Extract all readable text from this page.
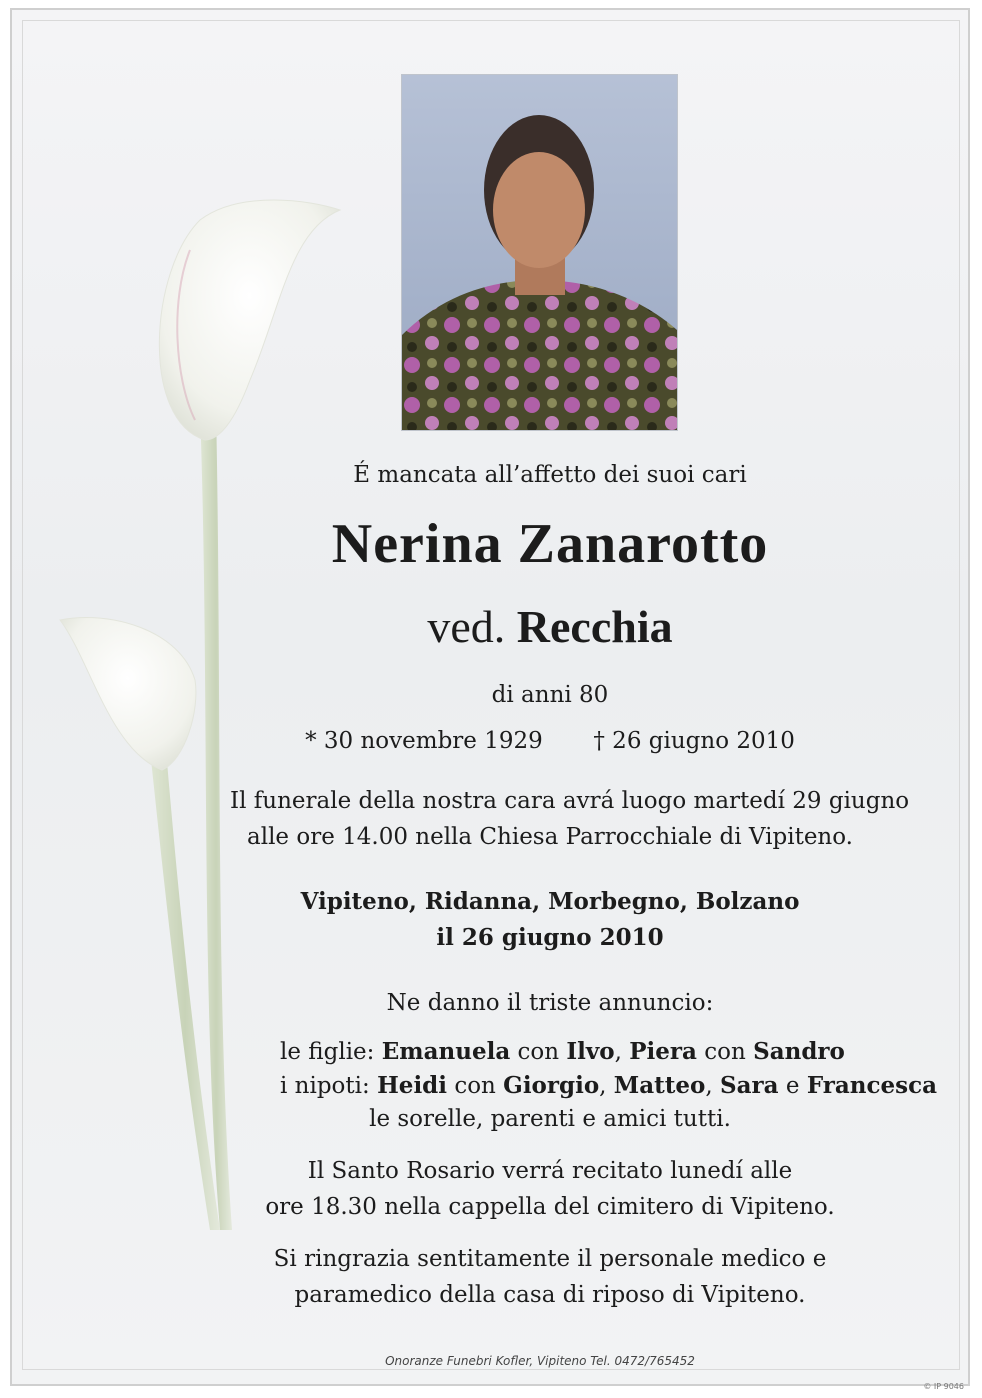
É mancata all’affetto dei suoi cari
Nerina Zanarotto
ved. Recchia
di anni 80
* 30 novembre 1929 † 26 giugno 2010
Il funerale della nostra cara avrá luogo martedí 29 giugno
alle ore 14.00 nella Chiesa Parrocchiale di Vipiteno.
Vipiteno, Ridanna, Morbegno, Bolzano
il 26 giugno 2010
Ne danno il triste annuncio:
le figlie: Emanuela con Ilvo, Piera con Sandro
i nipoti: Heidi con Giorgio, Matteo, Sara e Francesca
le sorelle, parenti e amici tutti.
Il Santo Rosario verrá recitato lunedí alle
ore 18.30 nella cappella del cimitero di Vipiteno.
Si ringrazia sentitamente il personale medico e
paramedico della casa di riposo di Vipiteno.
Onoranze Funebri Kofler, Vipiteno Tel. 0472/765452
© IP 9046
